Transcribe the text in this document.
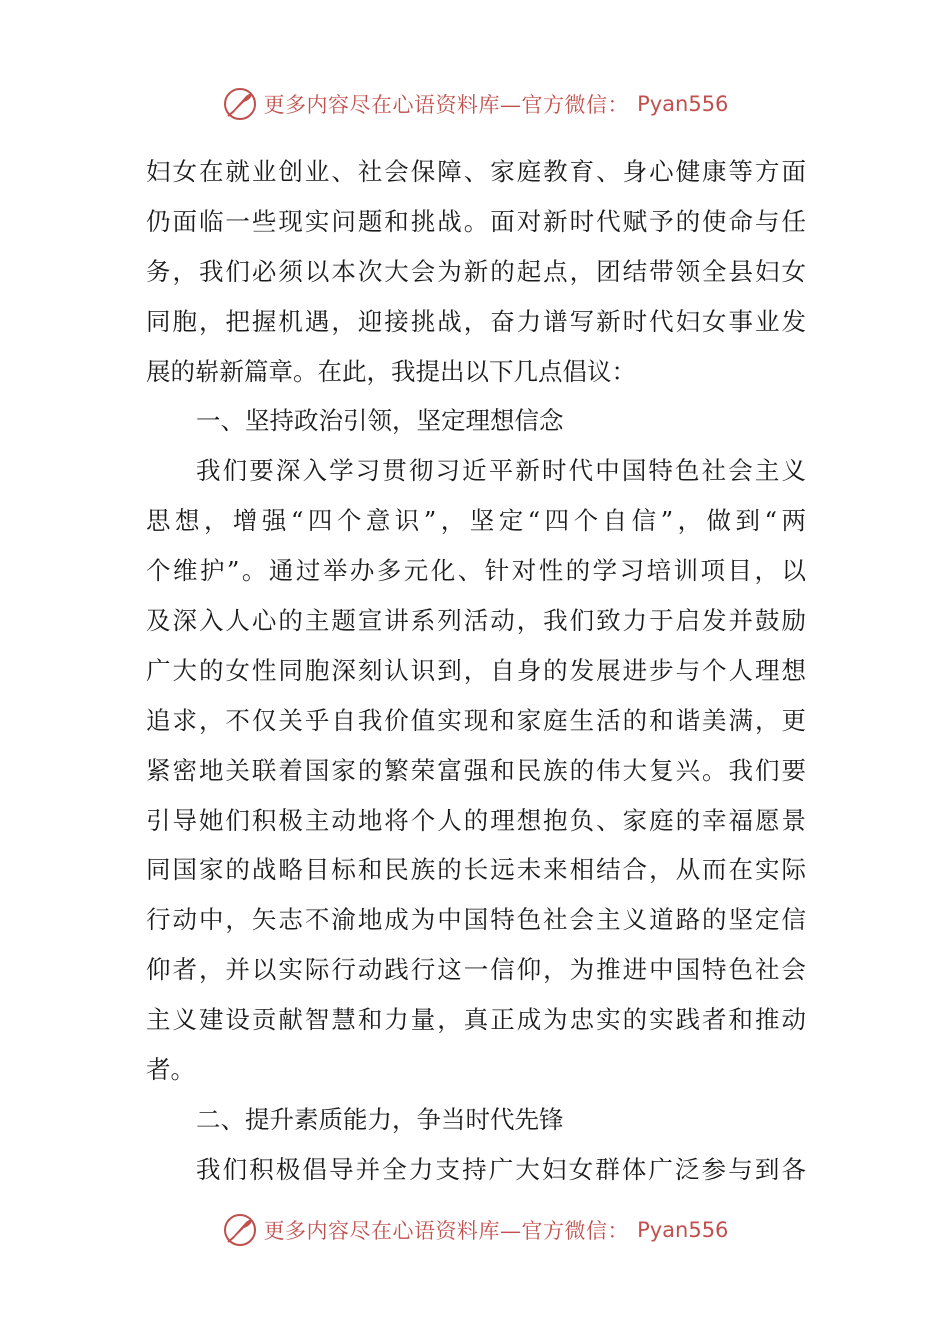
更多内容尽在心语资料库—官方微信： Pyan556
妇女在就业创业、社会保障、家庭教育、身心健康等方面
仍面临一些现实问题和挑战。面对新时代赋予的使命与任
务，我们必须以本次大会为新的起点，团结带领全县妇女
同胞，把握机遇，迎接挑战，奋力谱写新时代妇女事业发
展的崭新篇章。在此，我提出以下几点倡议：
一、坚持政治引领，坚定理想信念
我们要深入学习贯彻习近平新时代中国特色社会主义
思想，增强“四个意识”，坚定“四个自信”，做到“两
个维护”。通过举办多元化、针对性的学习培训项目，以
及深入人心的主题宣讲系列活动，我们致力于启发并鼓励
广大的女性同胞深刻认识到，自身的发展进步与个人理想
追求，不仅关乎自我价值实现和家庭生活的和谐美满，更
紧密地关联着国家的繁荣富强和民族的伟大复兴。我们要
引导她们积极主动地将个人的理想抱负、家庭的幸福愿景
同国家的战略目标和民族的长远未来相结合，从而在实际
行动中，矢志不渝地成为中国特色社会主义道路的坚定信
仰者，并以实际行动践行这一信仰，为推进中国特色社会
主义建设贡献智慧和力量，真正成为忠实的实践者和推动
者。
二、提升素质能力，争当时代先锋
我们积极倡导并全力支持广大妇女群体广泛参与到各
更多内容尽在心语资料库—官方微信： Pyan556
